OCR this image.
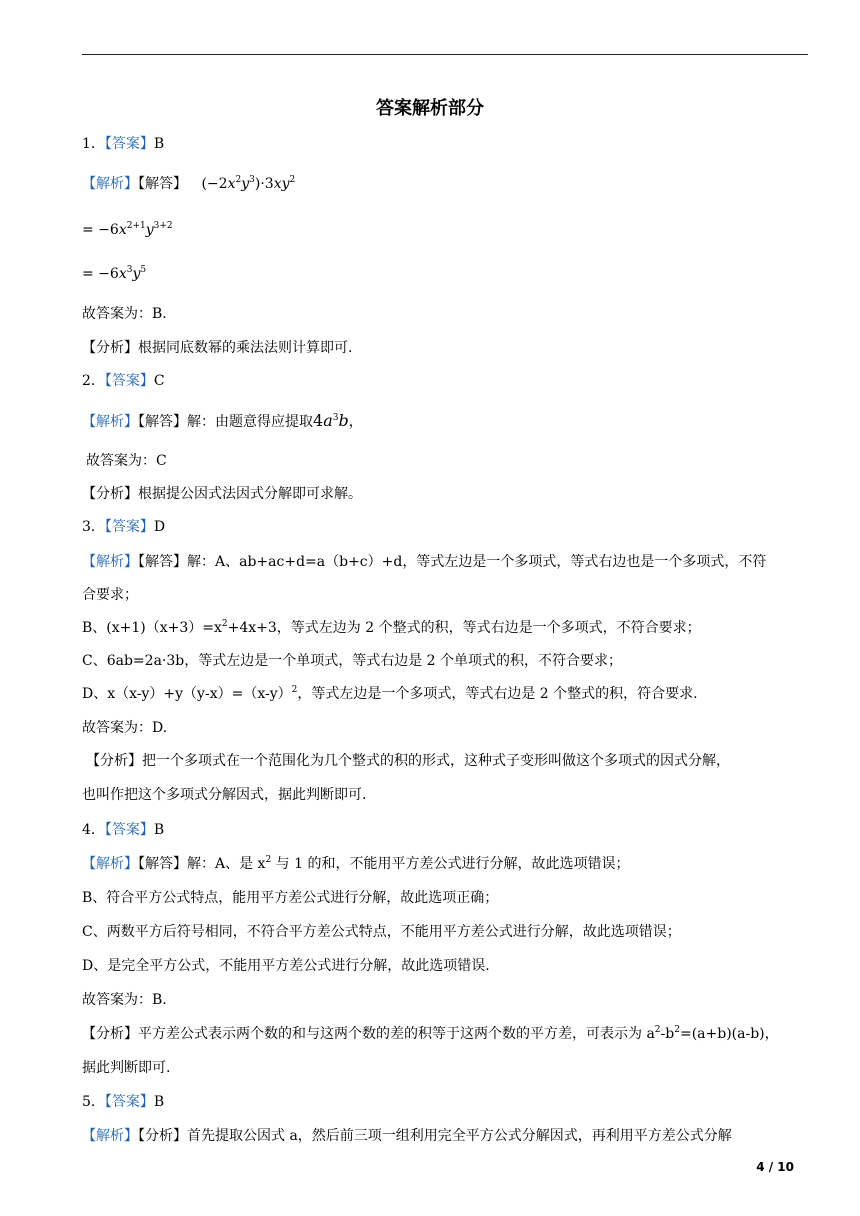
答案解析部分
1．【答案】B
【解析】【解答】 $(-2x^2y^3)\cdot 3xy^2$
= $-6x^{2+1}y^{3+2}$
= $-6x^3y^5$
故答案为：B.
【分析】根据同底数幂的乘法法则计算即可.
2．【答案】C
【解析】【解答】解：由题意得应提取$4a^3b$，
故答案为：C
【分析】根据提公因式法因式分解即可求解。
3．【答案】D
【解析】【解答】解：A、ab+ac+d=a（b+c）+d，等式左边是一个多项式，等式右边也是一个多项式，不符
合要求；
B、$(x+1)(x+3)=x^2+4x+3$，等式左边为 2 个整式的积，等式右边是一个多项式，不符合要求；
C、6ab=2a·3b，等式左边是一个单项式，等式右边是 2 个单项式的积，不符合要求；
D、$x(x-y)+y(y-x)=(x-y)^2$，等式左边是一个多项式，等式右边是 2 个整式的积，符合要求.
故答案为：D.
【分析】把一个多项式在一个范围化为几个整式的积的形式，这种式子变形叫做这个多项式的因式分解，
也叫作把这个多项式分解因式，据此判断即可.
4．【答案】B
【解析】【解答】解：A、是 $x^2$ 与 1 的和，不能用平方差公式进行分解，故此选项错误；
B、符合平方公式特点，能用平方差公式进行分解，故此选项正确；
C、两数平方后符号相同，不符合平方差公式特点，不能用平方差公式进行分解，故此选项错误；
D、是完全平方公式，不能用平方差公式进行分解，故此选项错误.
故答案为：B.
【分析】平方差公式表示两个数的和与这两个数的差的积等于这两个数的平方差，可表示为 $a^2-b^2=(a+b)(a-b)$，
据此判断即可.
5．【答案】B
【解析】【分析】首先提取公因式 a，然后前三项一组利用完全平方公式分解因式，再利用平方差公式分解
4 / 10
